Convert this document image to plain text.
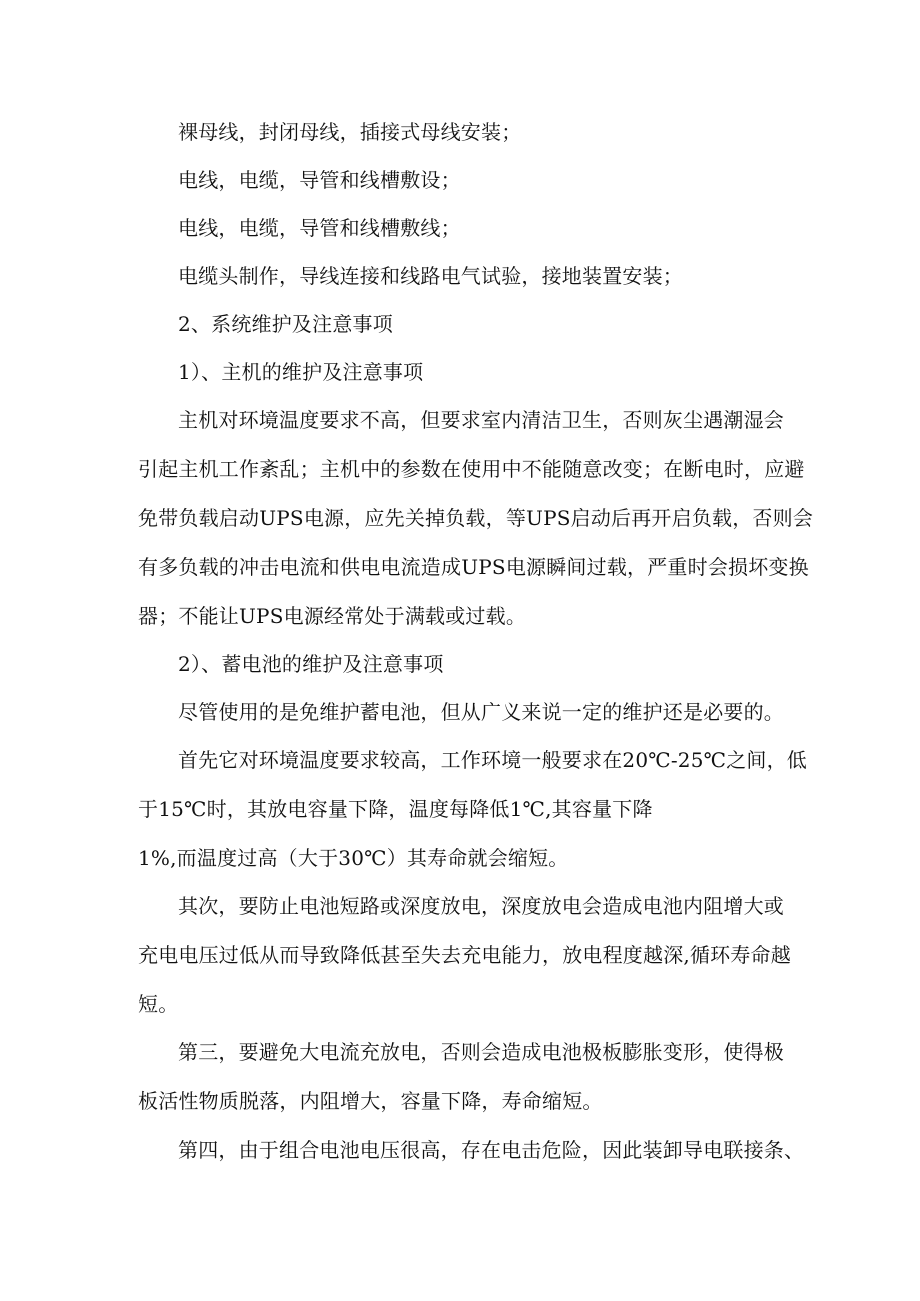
裸母线，封闭母线，插接式母线安装；
电线，电缆，导管和线槽敷设；
电线，电缆，导管和线槽敷线；
电缆头制作，导线连接和线路电气试验，接地装置安装；
2、系统维护及注意事项
1）、主机的维护及注意事项
主机对环境温度要求不高，但要求室内清洁卫生，否则灰尘遇潮湿会
引起主机工作紊乱；主机中的参数在使用中不能随意改变；在断电时，应避
免带负载启动UPS电源，应先关掉负载，等UPS启动后再开启负载，否则会
有多负载的冲击电流和供电电流造成UPS电源瞬间过载，严重时会损坏变换
器；不能让UPS电源经常处于满载或过载。
2）、蓄电池的维护及注意事项
尽管使用的是免维护蓄电池，但从广义来说一定的维护还是必要的。
首先它对环境温度要求较高，工作环境一般要求在20℃-25℃之间，低
于15℃时，其放电容量下降，温度每降低1℃,其容量下降
1%,而温度过高（大于30℃）其寿命就会缩短。
其次，要防止电池短路或深度放电，深度放电会造成电池内阻增大或
充电电压过低从而导致降低甚至失去充电能力，放电程度越深,循环寿命越
短。
第三，要避免大电流充放电，否则会造成电池极板膨胀变形，使得极
板活性物质脱落，内阻增大，容量下降，寿命缩短。
第四，由于组合电池电压很高，存在电击危险，因此装卸导电联接条、
